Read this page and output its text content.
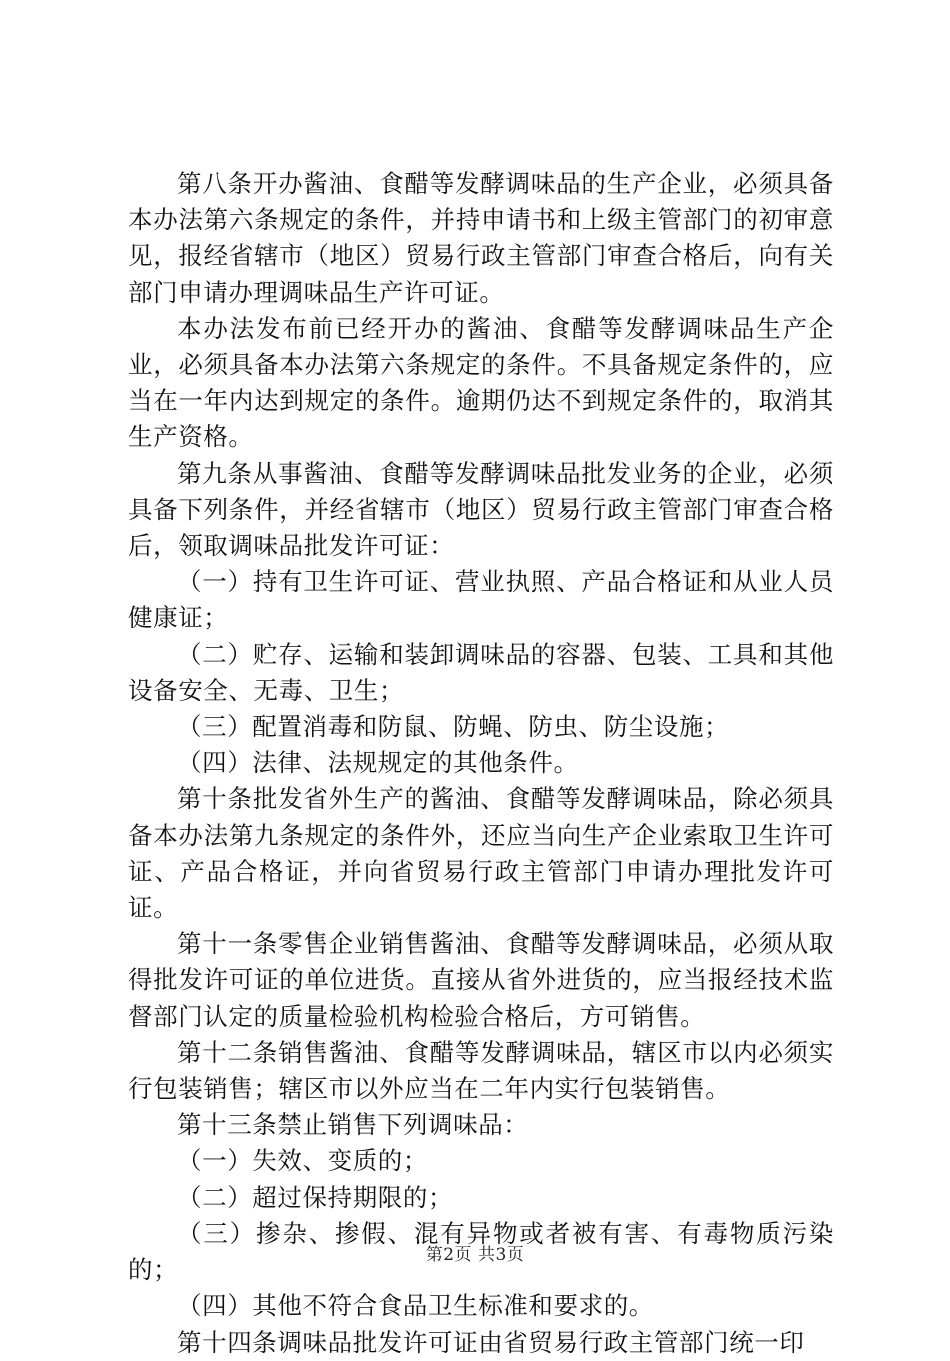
第八条开办酱油、食醋等发酵调味品的生产企业，必须具备本办法第六条规定的条件，并持申请书和上级主管部门的初审意见，报经省辖市（地区）贸易行政主管部门审查合格后，向有关部门申请办理调味品生产许可证。

本办法发布前已经开办的酱油、食醋等发酵调味品生产企业，必须具备本办法第六条规定的条件。不具备规定条件的，应当在一年内达到规定的条件。逾期仍达不到规定条件的，取消其生产资格。

第九条从事酱油、食醋等发酵调味品批发业务的企业，必须具备下列条件，并经省辖市（地区）贸易行政主管部门审查合格后，领取调味品批发许可证：

（一）持有卫生许可证、营业执照、产品合格证和从业人员健康证；

（二）贮存、运输和装卸调味品的容器、包装、工具和其他设备安全、无毒、卫生；

（三）配置消毒和防鼠、防蝇、防虫、防尘设施；

（四）法律、法规规定的其他条件。

第十条批发省外生产的酱油、食醋等发酵调味品，除必须具备本办法第九条规定的条件外，还应当向生产企业索取卫生许可证、产品合格证，并向省贸易行政主管部门申请办理批发许可证。

第十一条零售企业销售酱油、食醋等发酵调味品，必须从取得批发许可证的单位进货。直接从省外进货的，应当报经技术监督部门认定的质量检验机构检验合格后，方可销售。

第十二条销售酱油、食醋等发酵调味品，辖区市以内必须实行包装销售；辖区市以外应当在二年内实行包装销售。

第十三条禁止销售下列调味品：

（一）失效、变质的；

（二）超过保持期限的；

（三）掺杂、掺假、混有异物或者被有害、有毒物质污染的；

（四）其他不符合食品卫生标准和要求的。

第十四条调味品批发许可证由省贸易行政主管部门统一印

第2页 共3页
